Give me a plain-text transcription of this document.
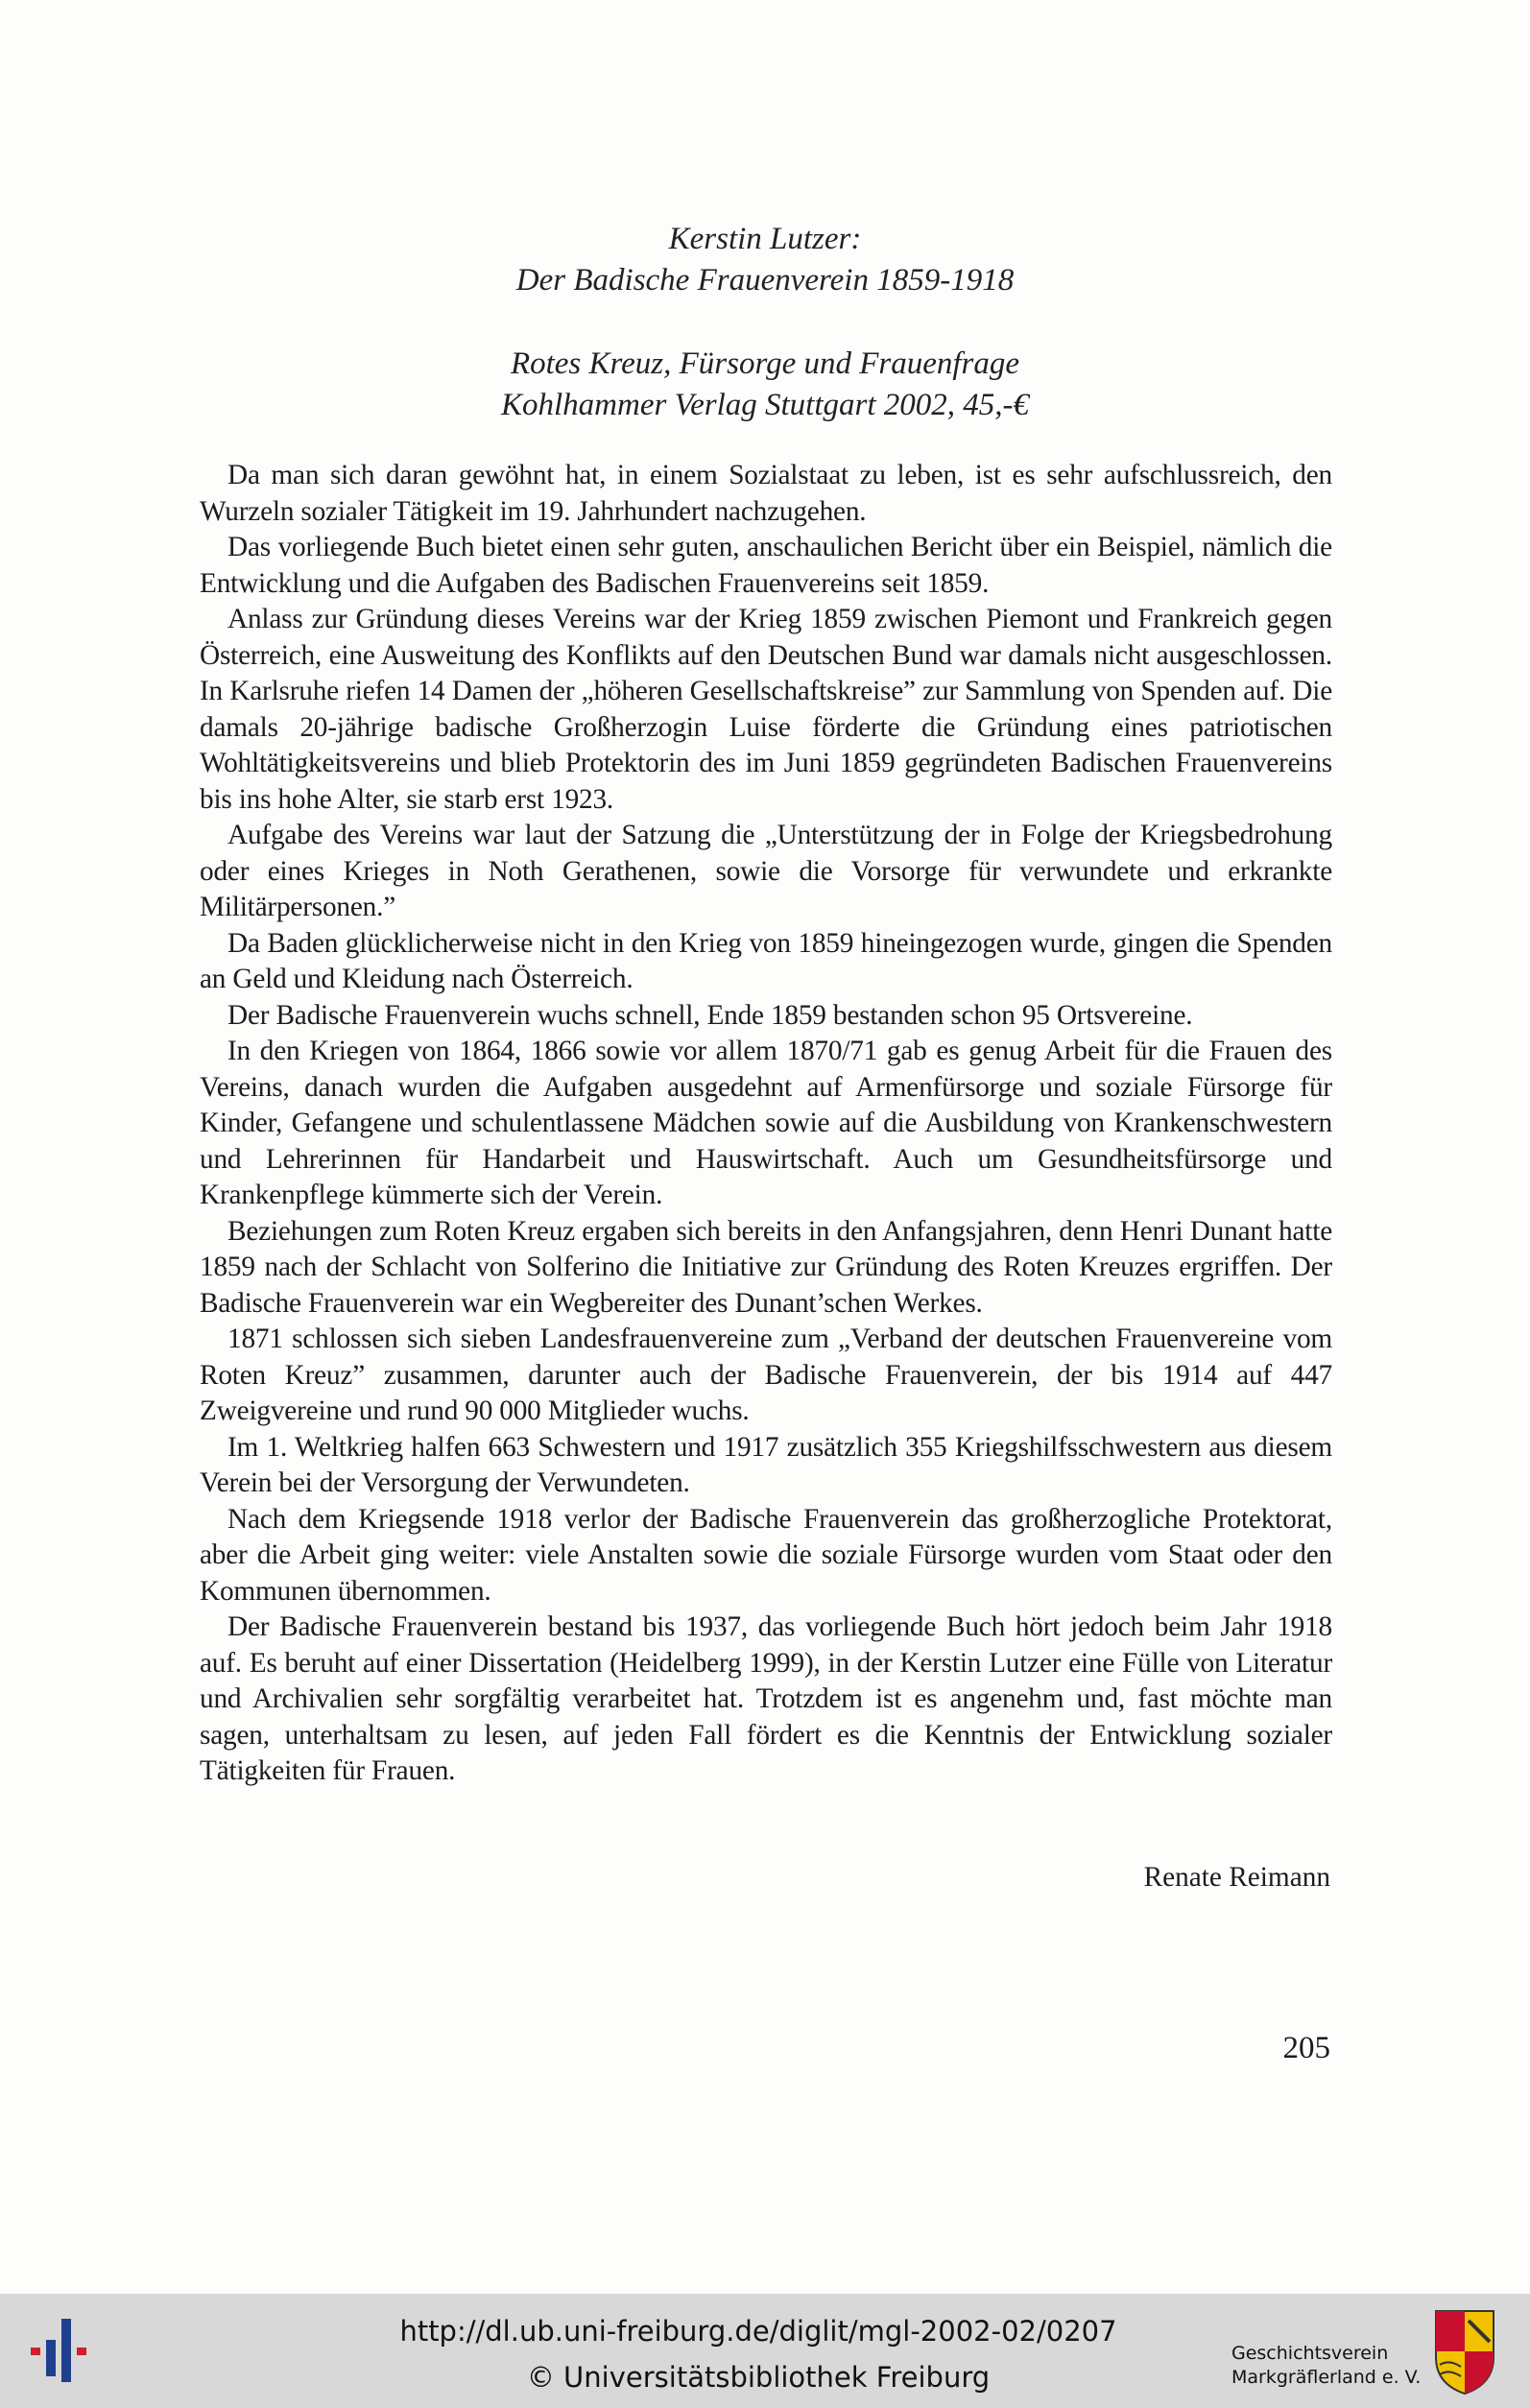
Kerstin Lutzer:
Der Badische Frauenverein 1859-1918
Rotes Kreuz, Fürsorge und Frauenfrage
Kohlhammer Verlag Stuttgart 2002, 45,-€

Da man sich daran gewöhnt hat, in einem Sozialstaat zu leben, ist es sehr aufschlussreich, den Wurzeln sozialer Tätigkeit im 19. Jahrhundert nachzugehen.

Das vorliegende Buch bietet einen sehr guten, anschaulichen Bericht über ein Beispiel, nämlich die Entwicklung und die Aufgaben des Badischen Frauenvereins seit 1859.

Anlass zur Gründung dieses Vereins war der Krieg 1859 zwischen Piemont und Frankreich gegen Österreich, eine Ausweitung des Konflikts auf den Deutschen Bund war damals nicht ausgeschlossen. In Karlsruhe riefen 14 Damen der „höheren Gesellschaftskreise” zur Sammlung von Spenden auf. Die damals 20-jährige badische Großherzogin Luise förderte die Gründung eines patriotischen Wohltätigkeitsvereins und blieb Protektorin des im Juni 1859 gegründeten Badischen Frauenvereins bis ins hohe Alter, sie starb erst 1923.

Aufgabe des Vereins war laut der Satzung die „Unterstützung der in Folge der Kriegsbedrohung oder eines Krieges in Noth Gerathenen, sowie die Vorsorge für verwundete und erkrankte Militärpersonen.”

Da Baden glücklicherweise nicht in den Krieg von 1859 hineingezogen wurde, gingen die Spenden an Geld und Kleidung nach Österreich.

Der Badische Frauenverein wuchs schnell, Ende 1859 bestanden schon 95 Ortsvereine.

In den Kriegen von 1864, 1866 sowie vor allem 1870/71 gab es genug Arbeit für die Frauen des Vereins, danach wurden die Aufgaben ausgedehnt auf Armenfürsorge und soziale Fürsorge für Kinder, Gefangene und schulentlassene Mädchen sowie auf die Ausbildung von Krankenschwestern und Lehrerinnen für Handarbeit und Hauswirtschaft. Auch um Gesundheitsfürsorge und Krankenpflege kümmerte sich der Verein.

Beziehungen zum Roten Kreuz ergaben sich bereits in den Anfangsjahren, denn Henri Dunant hatte 1859 nach der Schlacht von Solferino die Initiative zur Gründung des Roten Kreuzes ergriffen. Der Badische Frauenverein war ein Wegbereiter des Dunant’schen Werkes.

1871 schlossen sich sieben Landesfrauenvereine zum „Verband der deutschen Frauenvereine vom Roten Kreuz” zusammen, darunter auch der Badische Frauenverein, der bis 1914 auf 447 Zweigvereine und rund 90 000 Mitglieder wuchs.

Im 1. Weltkrieg halfen 663 Schwestern und 1917 zusätzlich 355 Kriegshilfsschwestern aus diesem Verein bei der Versorgung der Verwundeten.

Nach dem Kriegsende 1918 verlor der Badische Frauenverein das großherzogliche Protektorat, aber die Arbeit ging weiter: viele Anstalten sowie die soziale Fürsorge wurden vom Staat oder den Kommunen übernommen.

Der Badische Frauenverein bestand bis 1937, das vorliegende Buch hört jedoch beim Jahr 1918 auf. Es beruht auf einer Dissertation (Heidelberg 1999), in der Kerstin Lutzer eine Fülle von Literatur und Archivalien sehr sorgfältig verarbeitet hat. Trotzdem ist es angenehm und, fast möchte man sagen, unterhaltsam zu lesen, auf jeden Fall fördert es die Kenntnis der Entwicklung sozialer Tätigkeiten für Frauen.

Renate Reimann
205
http://dl.ub.uni-freiburg.de/diglit/mgl-2002-02/0207
© Universitätsbibliothek Freiburg
Geschichtsverein
Markgräflerland e. V.
